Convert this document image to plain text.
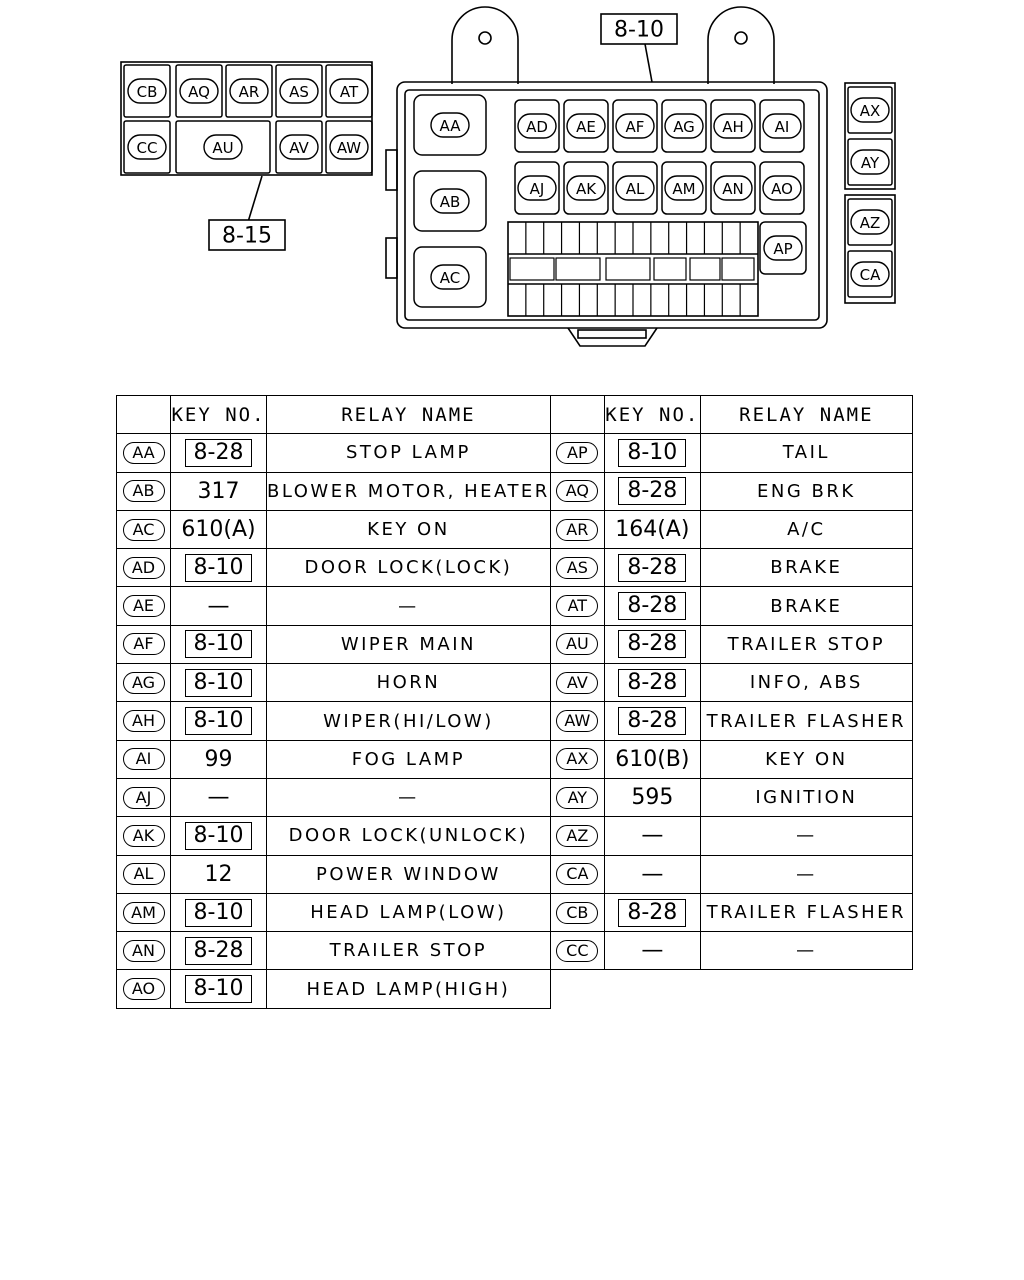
AA
AB
AC
AD AE AF AG AH AI
AJ AK AL AM AN AO
AP
CB AQ AR AS AT
CC	AU	AV AW
AX
AY
AZ
CA
8-10
8-15
	KEY NO.	RELAY NAME		KEY NO.	RELAY NAME
AA	8-28	STOP LAMP	AP	8-10	TAIL
AB	317	BLOWER MOTOR, HEATER	AQ	8-28	ENG BRK
AC	610(A)	KEY ON	AR	164(A)	A/C
AD	8-10	DOOR LOCK(LOCK)	AS	8-28	BRAKE
AE	—	—	AT	8-28	BRAKE
AF	8-10	WIPER MAIN	AU	8-28	TRAILER STOP
AG	8-10	HORN	AV	8-28	INFO, ABS
AH	8-10	WIPER(HI/LOW)	AW	8-28	TRAILER FLASHER
AI	99	FOG LAMP	AX	610(B)	KEY ON
AJ	—	—	AY	595	IGNITION
AK	8-10	DOOR LOCK(UNLOCK)	AZ	—	—
AL	12	POWER WINDOW	CA	—	—
AM	8-10	HEAD LAMP(LOW)	CB	8-28	TRAILER FLASHER
AN	8-28	TRAILER STOP	CC	—	—
AO	8-10	HEAD LAMP(HIGH)			
